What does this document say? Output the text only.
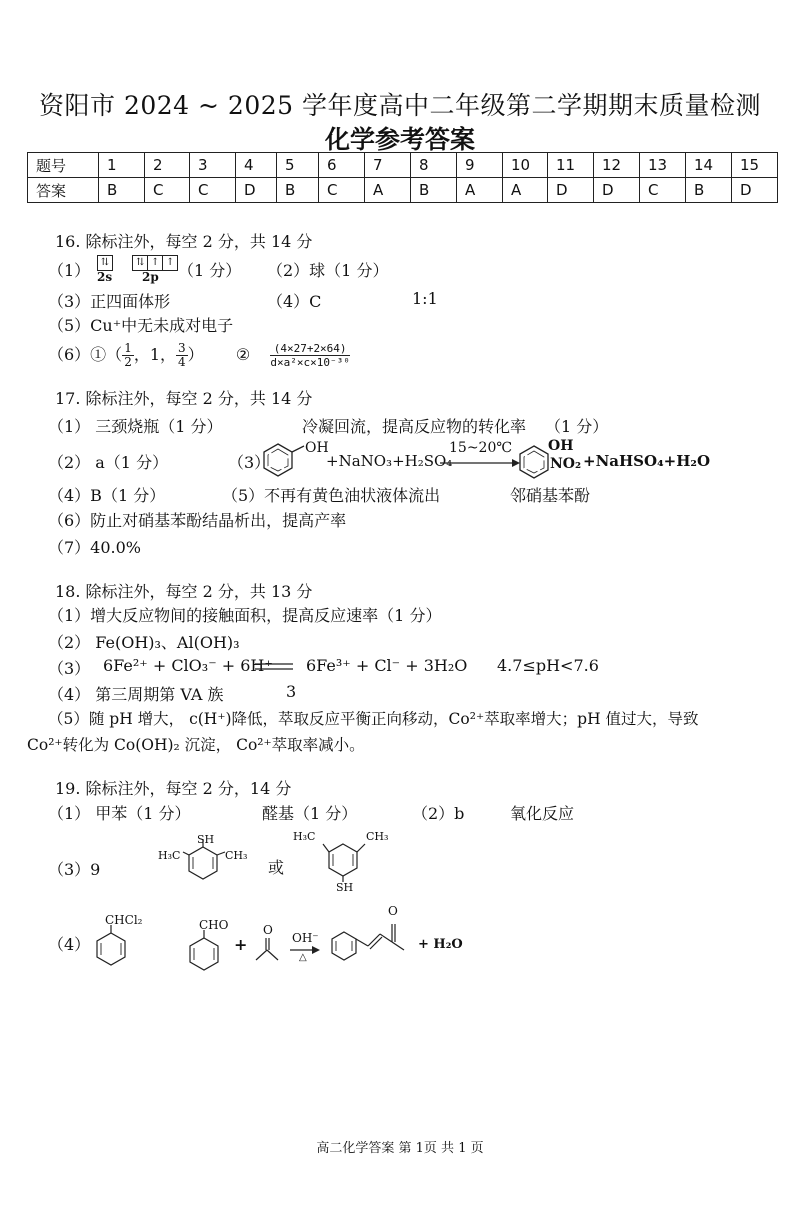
资阳市 2024 ~ 2025 学年度高中二年级第二学期期末质量检测
化学参考答案
题号	1	2	3	4	5	6	7	8	9	10	11	12	13	14	15
答案	B	C	C	D	B	C	A	B	A	A	D	D	C	B	D
16. 除标注外，每空 2 分，共 14 分
（1）	⇅	⇅ ↑ ↑
2s 2p （1 分） （2）球（1 分）
（3）正四面体形	（4）C	1:1
（5）Cu⁺中无未成对电子
（6）①（ $\frac{1}{2}$ ，1， $\frac{3}{4}$ ） ② $\frac{(4\times 27+2\times 64)}{\text{d×a²×c×10⁻³⁰}}$
17. 除标注外，每空 2 分，共 14 分
（1） 三颈烧瓶（1 分）	冷凝回流，提高反应物的转化率 （1 分）
（2） a（1 分）	（3）
OH
+NaNO₃+H₂SO₄
15~20℃	OH
NO₂ +NaHSO₄+H₂O
（4）B（1 分）	（5）不再有黄色油状液体流出	邻硝基苯酚
（6）防止对硝基苯酚结晶析出，提高产率
（7）40.0%
18. 除标注外，每空 2 分，共 13 分
（1）增大反应物间的接触面积，提高反应速率（1 分）
（2） Fe(OH)₃、Al(OH)₃
（3） 6Fe²⁺ + ClO₃⁻ + 6H⁺ 6Fe³⁺ + Cl⁻ + 3H₂O 4.7≤pH<7.6
（4） 第三周期第 VA 族	3
（5）随 pH 增大， c(H⁺)降低，萃取反应平衡正向移动，Co²⁺萃取率增大；pH 值过大，导致
Co²⁺转化为 Co(OH)₂ 沉淀， Co²⁺萃取率减小。
19. 除标注外，每空 2 分，14 分
（1） 甲苯（1 分）	醛基（1 分）	（2）b	氧化反应
（3）9
SH
H₃C	CH₃
或
H₃C	CH₃
SH
（4）
CHCl₂	CHO
+
O
OH⁻
△
O
+ H₂O
高二化学答案 第 1页 共 1 页
